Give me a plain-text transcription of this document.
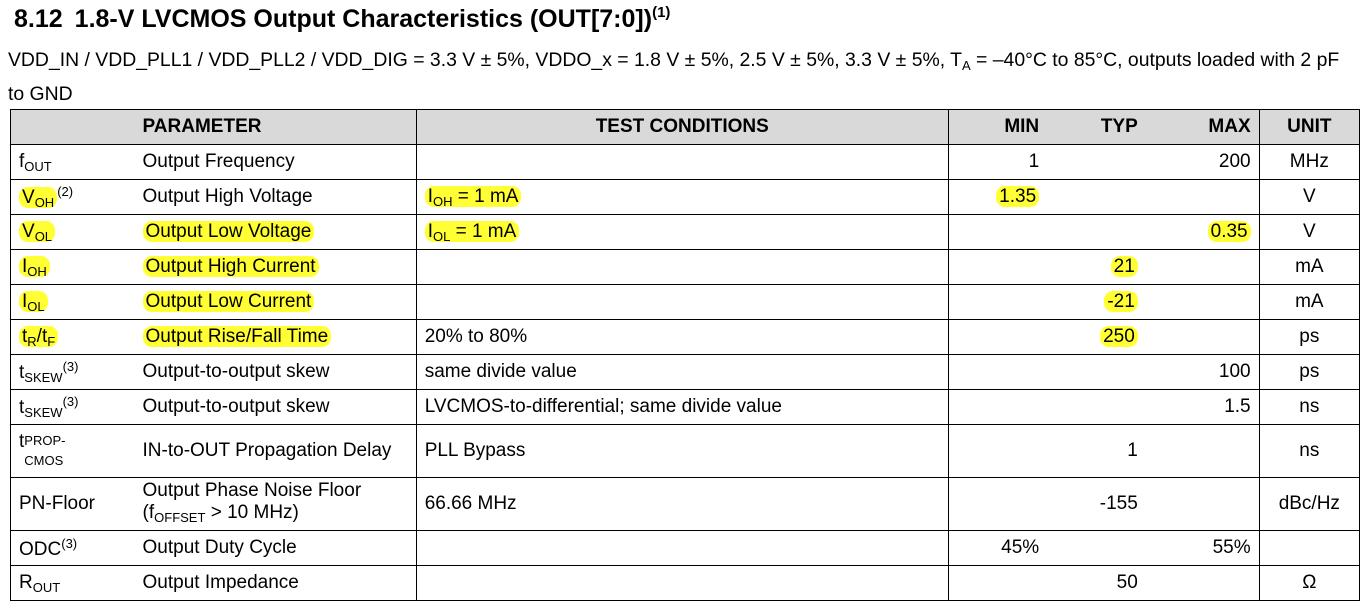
8.12 1.8-V LVCMOS Output Characteristics (OUT[7:0])$^{(1)}$
VDD_IN / VDD_PLL1 / VDD_PLL2 / VDD_DIG = 3.3 V ± 5%, VDDO_x = 1.8 V ± 5%, 2.5 V ± 5%, 3.3 V ± 5%, $T_A = -40^\circ C$ to 85°C, outputs loaded with 2 pF to GND
	PARAMETER	TEST CONDITIONS	MIN	TYP	MAX	UNIT
$f_{OUT}$	Output Frequency		1		200	MHz
$V_{OH}^{(2)}$	Output High Voltage	$I_{OH} = 1$ mA	1.35			V
$V_{OL}$	Output Low Voltage	$I_{OL} = 1$ mA			0.35	V
$I_{OH}$	Output High Current			21		mA
$I_{OL}$	Output Low Current			-21		mA
$t_R/t_F$	Output Rise/Fall Time	20% to 80%		250		ps
$t_{SKEW}^{(3)}$	Output-to-output skew	same divide value			100	ps
$t_{SKEW}^{(3)}$	Output-to-output skew	LVCMOS-to-differential; same divide value			1.5	ns
$t_{PROP-CMOS}$	IN-to-OUT Propagation Delay	PLL Bypass		1		ns
PN-Floor	Output Phase Noise Floor ($f_{OFFSET} > 10$ MHz)	66.66 MHz		-155		dBc/Hz
ODC$^{(3)}$	Output Duty Cycle		45%		55%	
$R_{OUT}$	Output Impedance			50		Ω
